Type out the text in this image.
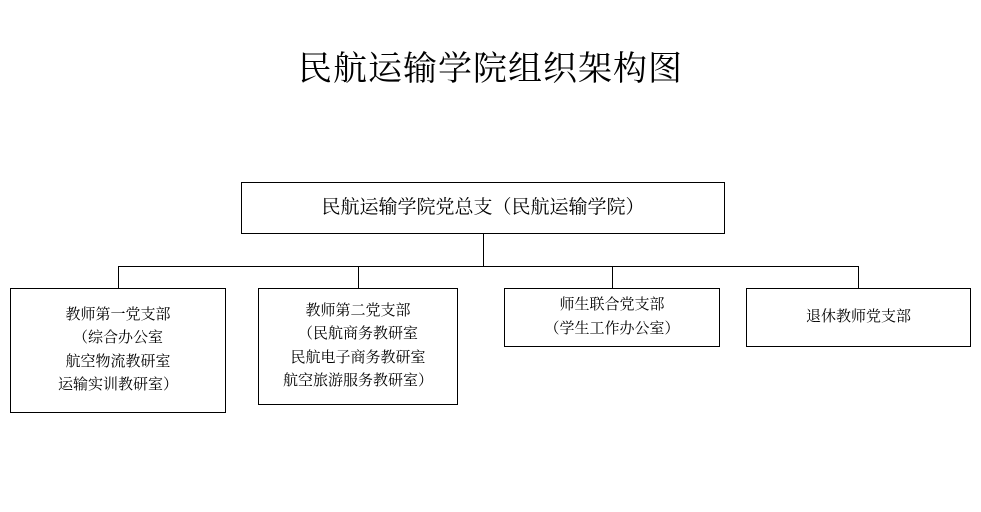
民航运输学院组织架构图
民航运输学院党总支（民航运输学院）
教师第一党支部
（综合办公室
航空物流教研室
运输实训教研室）
教师第二党支部
（民航商务教研室
民航电子商务教研室
航空旅游服务教研室）
师生联合党支部
（学生工作办公室）
退休教师党支部
